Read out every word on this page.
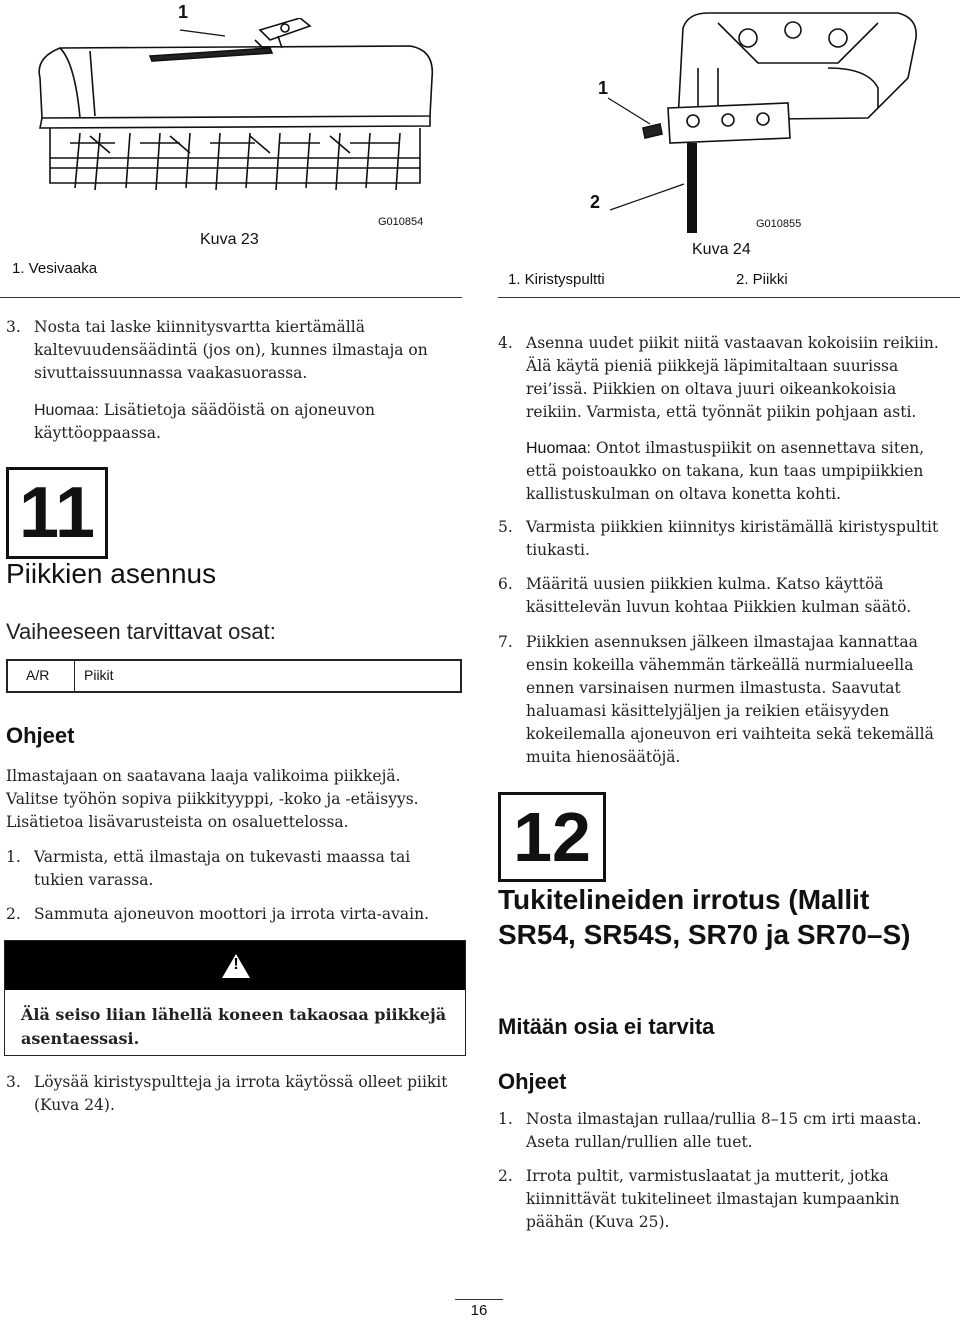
1
G010854
Kuva 23
1. Vesivaaka
1
2
G010855
Kuva 24
1. Kiristyspultti	2. Piikki
3. Nosta tai laske kiinnitysvartta kiertämällä kaltevuudensäädintä (jos on), kunnes ilmastaja on sivuttaissuunnassa vaakasuorassa.
Huomaa: Lisätietoja säädöistä on ajoneuvon käyttöoppaassa.
11
Piikkien asennus
Vaiheeseen tarvittavat osat:
A/R Piikit
Ohjeet
Ilmastajaan on saatavana laaja valikoima piikkejä. Valitse työhön sopiva piikkityyppi, -koko ja -etäisyys. Lisätietoa lisävarusteista on osaluettelossa.
1. Varmista, että ilmastaja on tukevasti maassa tai tukien varassa.
2. Sammuta ajoneuvon moottori ja irrota virta-avain.
!
Älä seiso liian lähellä koneen takaosaa piikkejä asentaessasi.
3. Löysää kiristyspultteja ja irrota käytössä olleet piikit (Kuva 24).
4. Asenna uudet piikit niitä vastaavan kokoisiin reikiin. Älä käytä pieniä piikkejä läpimitaltaan suurissa rei’issä. Piikkien on oltava juuri oikeankokoisia reikiin. Varmista, että työnnät piikin pohjaan asti.
Huomaa: Ontot ilmastuspiikit on asennettava siten, että poistoaukko on takana, kun taas umpipiikkien kallistuskulman on oltava konetta kohti.
5. Varmista piikkien kiinnitys kiristämällä kiristyspultit tiukasti.
6. Määritä uusien piikkien kulma. Katso käyttöä käsittelevän luvun kohtaa Piikkien kulman säätö.
7. Piikkien asennuksen jälkeen ilmastajaa kannattaa ensin kokeilla vähemmän tärkeällä nurmialueella ennen varsinaisen nurmen ilmastusta. Saavutat haluamasi käsittelyjäljen ja reikien etäisyyden kokeilemalla ajoneuvon eri vaihteita sekä tekemällä muita hienosäätöjä.
12
Tukitelineiden irrotus (Mallit SR54, SR54S, SR70 ja SR70–S)
Mitään osia ei tarvita
Ohjeet
1. Nosta ilmastajan rullaa/rullia 8–15 cm irti maasta. Aseta rullan/rullien alle tuet.
2. Irrota pultit, varmistuslaatat ja mutterit, jotka kiinnittävät tukitelineet ilmastajan kumpaankin päähän (Kuva 25).
16
